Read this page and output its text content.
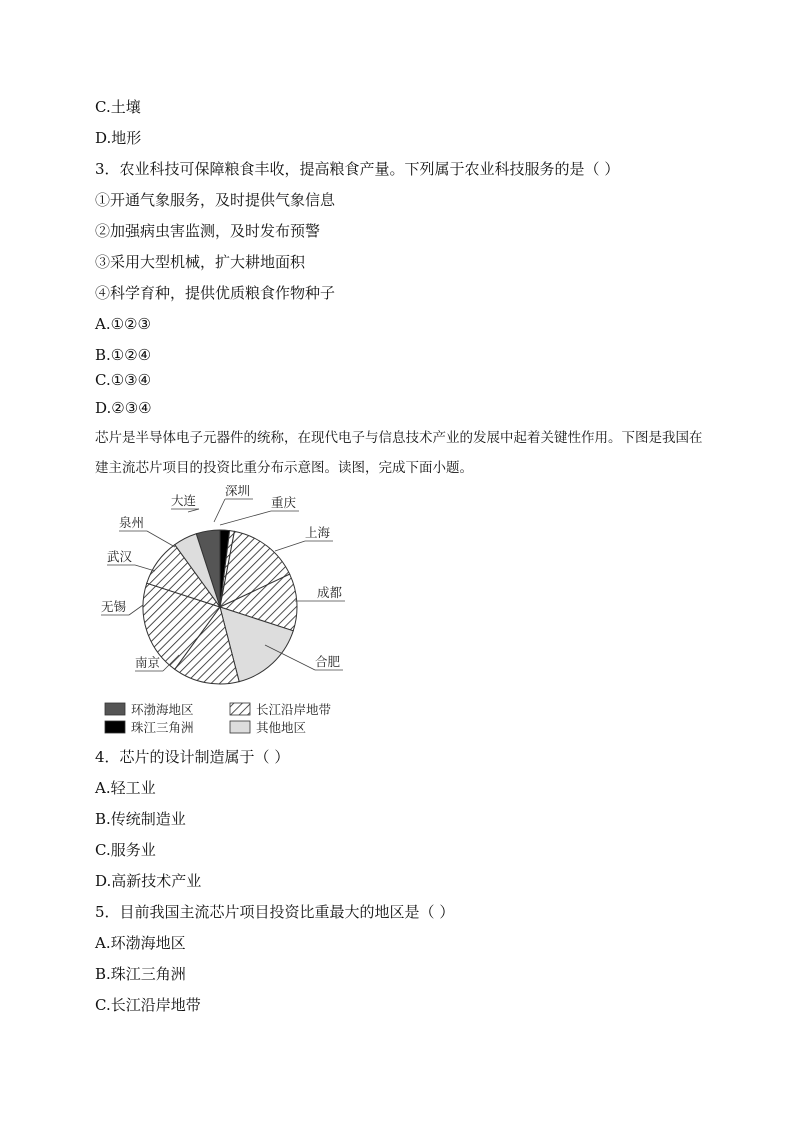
C.土壤
D.地形
3．农业科技可保障粮食丰收，提高粮食产量。下列属于农业科技服务的是（ ）
①开通气象服务，及时提供气象信息
②加强病虫害监测，及时发布预警
③采用大型机械，扩大耕地面积
④科学育种，提供优质粮食作物种子
A.①②③
B.①②④
C.①③④
D.②③④
芯片是半导体电子元器件的统称，在现代电子与信息技术产业的发展中起着关键性作用。下图是我国在建主流芯片项目的投资比重分布示意图。读图，完成下面小题。
大连
深圳
重庆
上海
成都
合肥
南京
无锡
武汉
泉州
环渤海地区	长江沿岸地带
珠江三角洲	其他地区
4．芯片的设计制造属于（ ）
A.轻工业
B.传统制造业
C.服务业
D.高新技术产业
5．目前我国主流芯片项目投资比重最大的地区是（ ）
A.环渤海地区
B.珠江三角洲
C.长江沿岸地带
